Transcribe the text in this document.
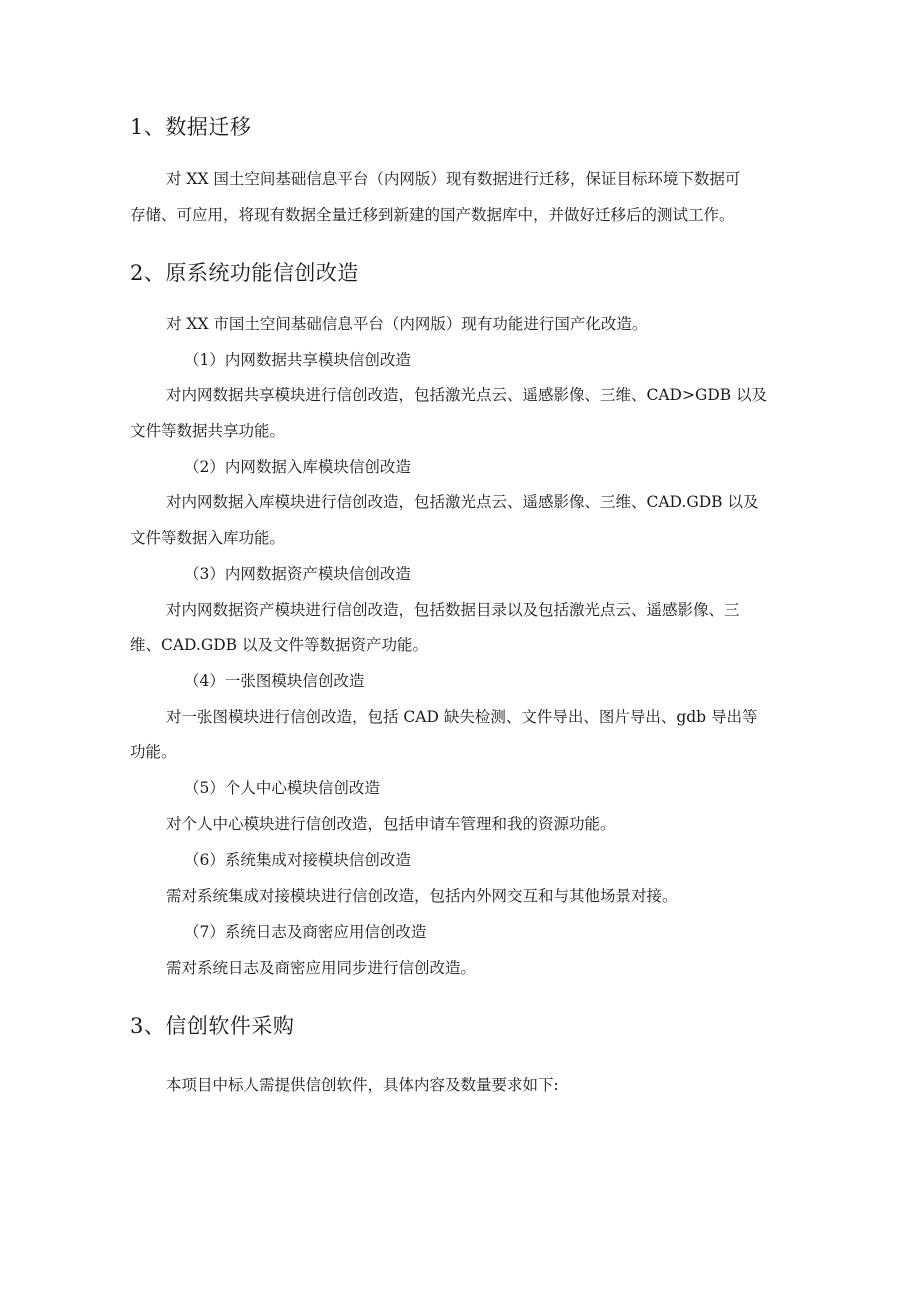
1、数据迁移

对 XX 国土空间基础信息平台（内网版）现有数据进行迁移，保证目标环境下数据可

存储、可应用，将现有数据全量迁移到新建的国产数据库中，并做好迁移后的测试工作。

2、原系统功能信创改造

对 XX 市国土空间基础信息平台（内网版）现有功能进行国产化改造。

（1）内网数据共享模块信创改造

对内网数据共享模块进行信创改造，包括激光点云、遥感影像、三维、CAD>GDB 以及

文件等数据共享功能。

（2）内网数据入库模块信创改造

对内网数据入库模块进行信创改造，包括激光点云、遥感影像、三维、CAD.GDB 以及

文件等数据入库功能。

（3）内网数据资产模块信创改造

对内网数据资产模块进行信创改造，包括数据目录以及包括激光点云、遥感影像、三

维、CAD.GDB 以及文件等数据资产功能。

（4）一张图模块信创改造

对一张图模块进行信创改造，包括 CAD 缺失检测、文件导出、图片导出、gdb 导出等

功能。

（5）个人中心模块信创改造

对个人中心模块进行信创改造，包括申请车管理和我的资源功能。

（6）系统集成对接模块信创改造

需对系统集成对接模块进行信创改造，包括内外网交互和与其他场景对接。

（7）系统日志及商密应用信创改造

需对系统日志及商密应用同步进行信创改造。

3、信创软件采购

本项目中标人需提供信创软件，具体内容及数量要求如下:
